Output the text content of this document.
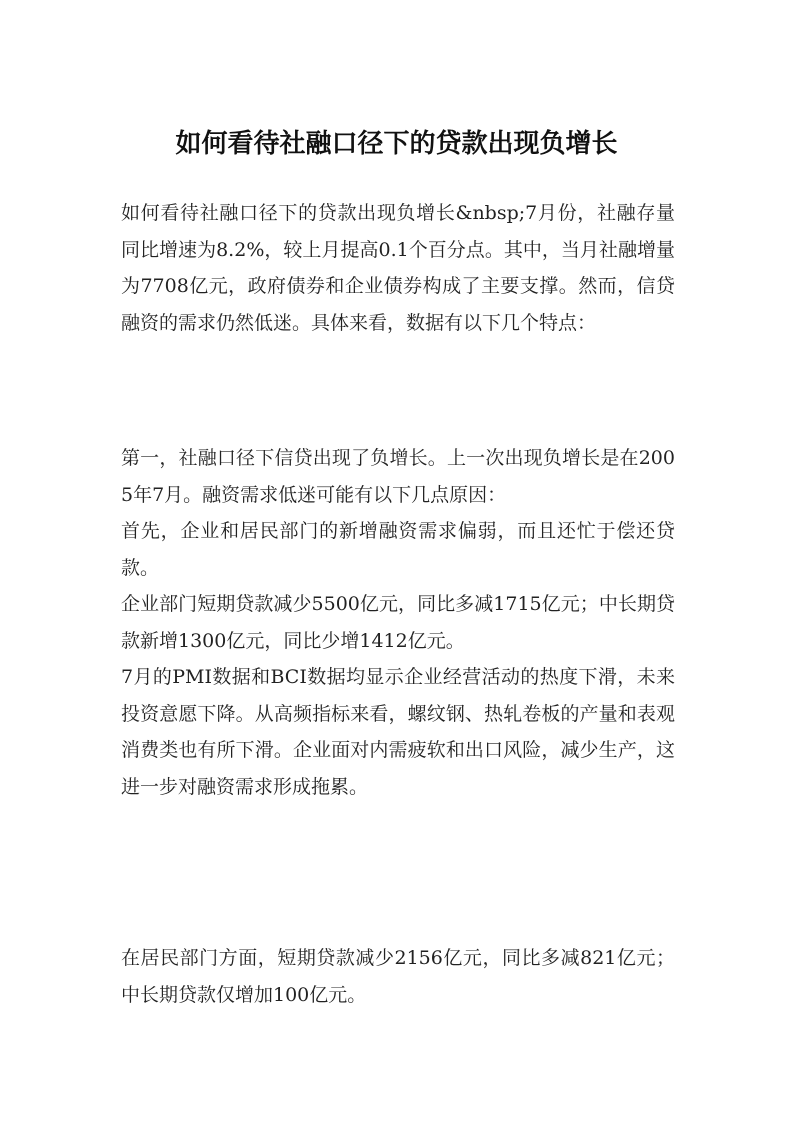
如何看待社融口径下的贷款出现负增长

如何看待社融口径下的贷款出现负增长&nbsp;7月份，社融存量同比增速为8.2%，较上月提高0.1个百分点。其中，当月社融增量为7708亿元，政府债券和企业债券构成了主要支撑。然而，信贷融资的需求仍然低迷。具体来看，数据有以下几个特点：

第一，社融口径下信贷出现了负增长。上一次出现负增长是在2005年7月。融资需求低迷可能有以下几点原因：

首先，企业和居民部门的新增融资需求偏弱，而且还忙于偿还贷款。

企业部门短期贷款减少5500亿元，同比多减1715亿元；中长期贷款新增1300亿元，同比少增1412亿元。

7月的PMI数据和BCI数据均显示企业经营活动的热度下滑，未来投资意愿下降。从高频指标来看，螺纹钢、热轧卷板的产量和表观消费类也有所下滑。企业面对内需疲软和出口风险，减少生产，这进一步对融资需求形成拖累。

在居民部门方面，短期贷款减少2156亿元，同比多减821亿元；中长期贷款仅增加100亿元。
